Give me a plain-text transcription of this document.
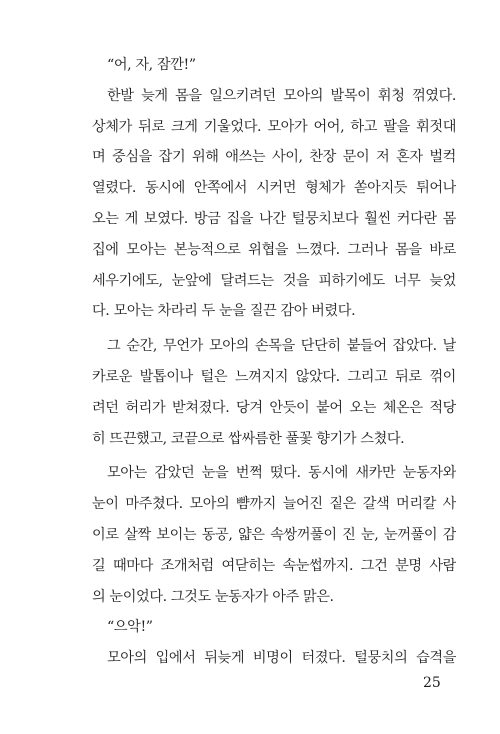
“어, 자, 잠깐!”
한발 늦게 몸을 일으키려던 모아의 발목이 휘청 꺾였다.
상체가 뒤로 크게 기울었다. 모아가 어어, 하고 팔을 휘젓대
며 중심을 잡기 위해 애쓰는 사이, 찬장 문이 저 혼자 벌컥
열렸다. 동시에 안쪽에서 시커먼 형체가 쏟아지듯 튀어나
오는 게 보였다. 방금 집을 나간 털뭉치보다 훨씬 커다란 몸
집에 모아는 본능적으로 위협을 느꼈다. 그러나 몸을 바로
세우기에도, 눈앞에 달려드는 것을 피하기에도 너무 늦었
다. 모아는 차라리 두 눈을 질끈 감아 버렸다.
그 순간, 무언가 모아의 손목을 단단히 붙들어 잡았다. 날
카로운 발톱이나 털은 느껴지지 않았다. 그리고 뒤로 꺾이
려던 허리가 받쳐졌다. 당겨 안듯이 붙어 오는 체온은 적당
히 뜨끈했고, 코끝으로 쌉싸름한 풀꽃 향기가 스쳤다.
모아는 감았던 눈을 번쩍 떴다. 동시에 새카만 눈동자와
눈이 마주쳤다. 모아의 뺨까지 늘어진 짙은 갈색 머리칼 사
이로 살짝 보이는 동공, 얇은 속쌍꺼풀이 진 눈, 눈꺼풀이 감
길 때마다 조개처럼 여닫히는 속눈썹까지. 그건 분명 사람
의 눈이었다. 그것도 눈동자가 아주 맑은.
“으악!”
모아의 입에서 뒤늦게 비명이 터졌다. 털뭉치의 습격을
25
